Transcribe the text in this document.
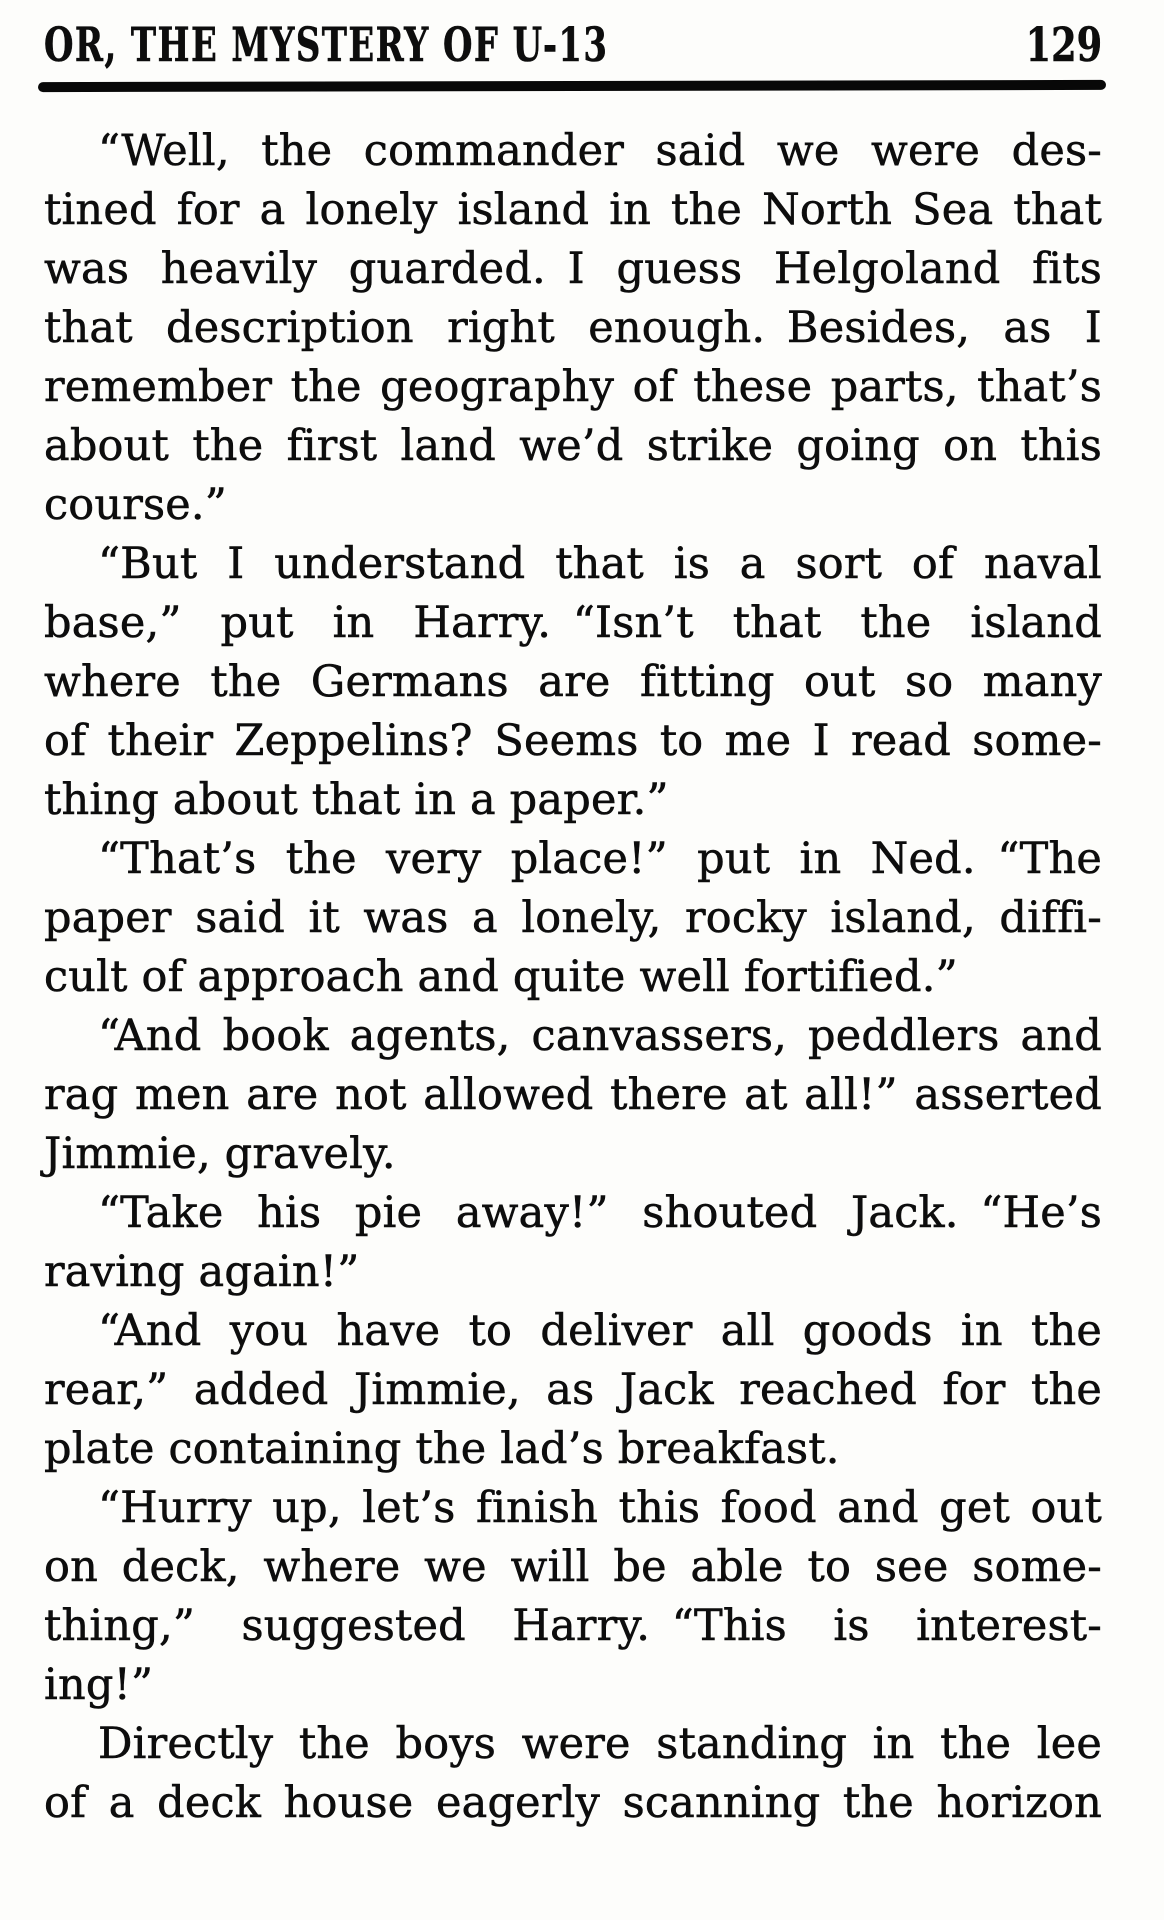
OR, THE MYSTERY OF U-13	129

“Well, the commander said we were des-
tined for a lonely island in the North Sea that
was heavily guarded. I guess Helgoland fits
that description right enough. Besides, as I
remember the geography of these parts, that’s
about the first land we’d strike going on this
course.”

“But I understand that is a sort of naval
base,” put in Harry. “Isn’t that the island
where the Germans are fitting out so many
of their Zeppelins? Seems to me I read some-
thing about that in a paper.”

“That’s the very place!” put in Ned. “The
paper said it was a lonely, rocky island, diffi-
cult of approach and quite well fortified.”

“And book agents, canvassers, peddlers and
rag men are not allowed there at all!” asserted
Jimmie, gravely.

“Take his pie away!” shouted Jack. “He’s
raving again!”

“And you have to deliver all goods in the
rear,” added Jimmie, as Jack reached for the
plate containing the lad’s breakfast.

“Hurry up, let’s finish this food and get out
on deck, where we will be able to see some-
thing,” suggested Harry. “This is interest-
ing!”

Directly the boys were standing in the lee
of a deck house eagerly scanning the horizon
